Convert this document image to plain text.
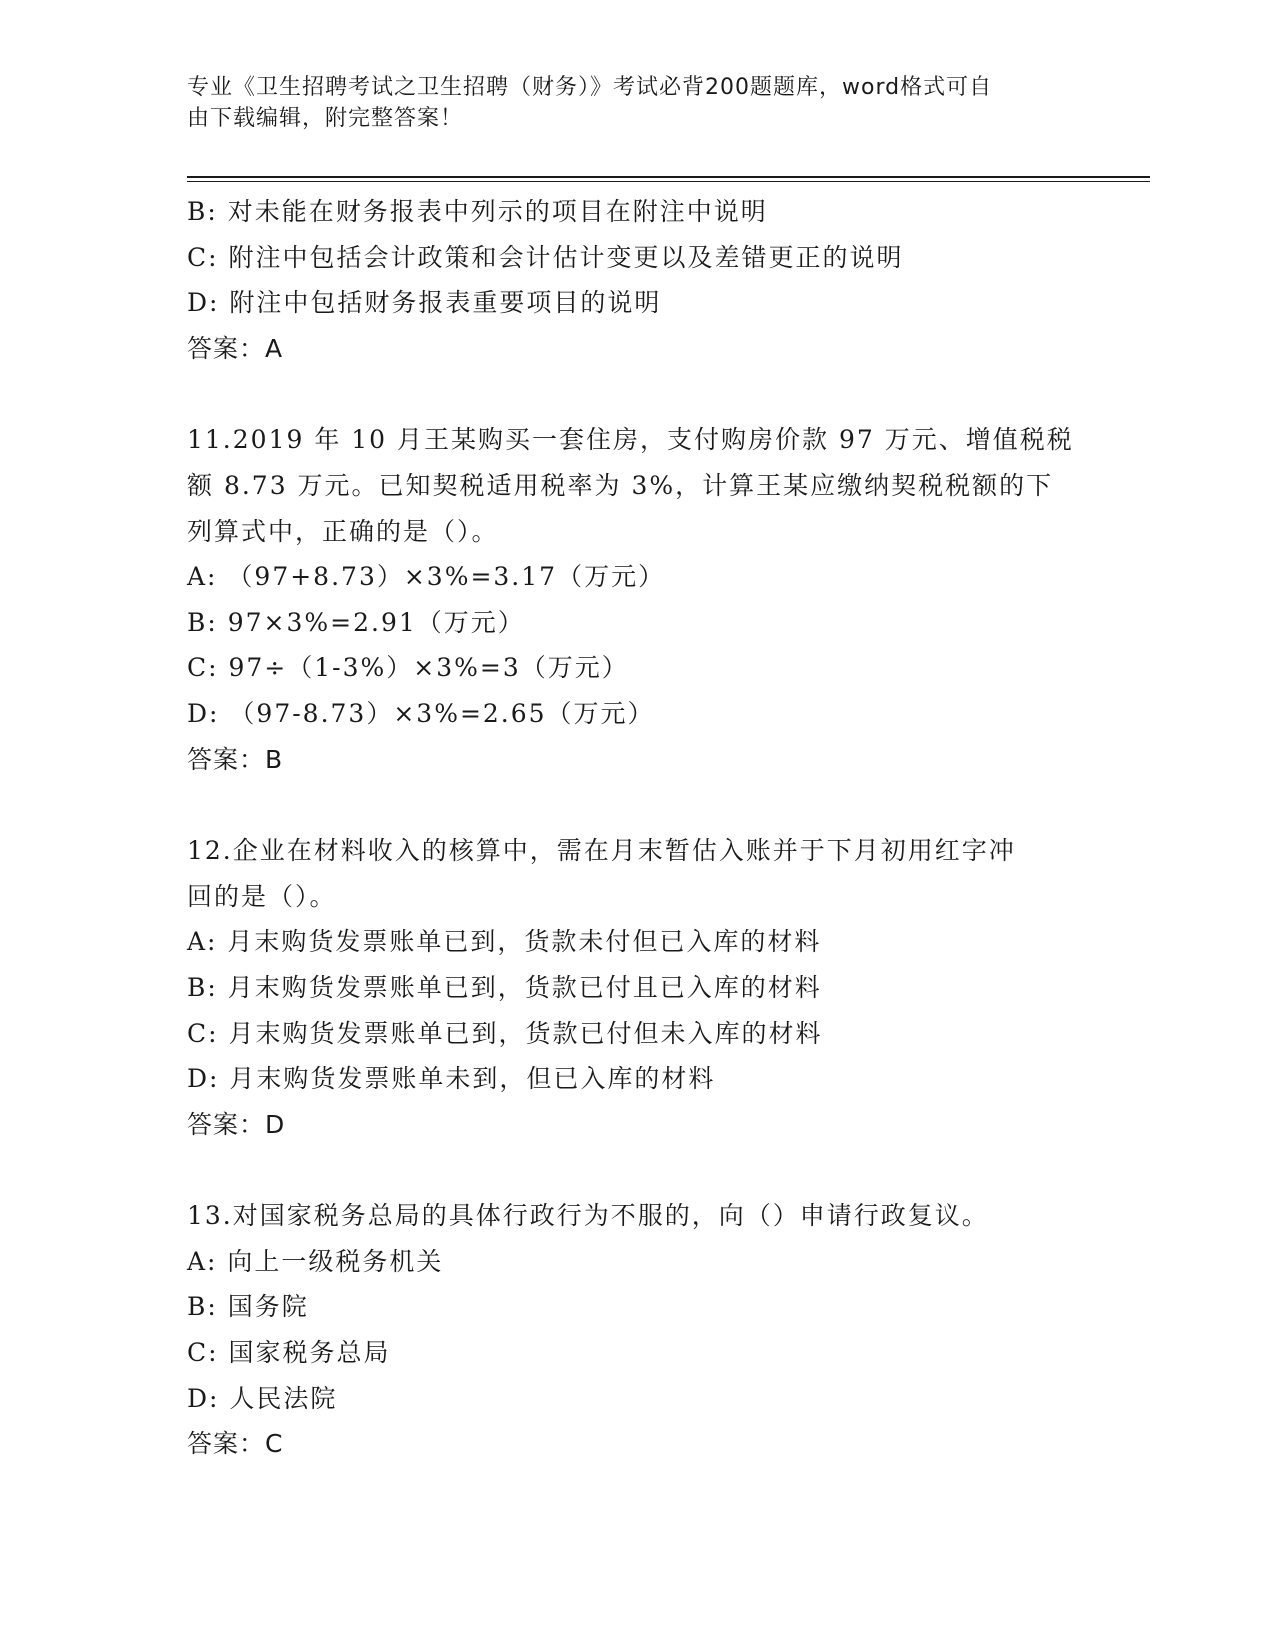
专业《卫生招聘考试之卫生招聘（财务）》考试必背200题题库，word格式可自
由下载编辑，附完整答案！
B: 对未能在财务报表中列示的项目在附注中说明
C: 附注中包括会计政策和会计估计变更以及差错更正的说明
D: 附注中包括财务报表重要项目的说明
答案：A
11.2019 年 10 月王某购买一套住房，支付购房价款 97 万元、增值税税
额 8.73 万元。已知契税适用税率为 3%，计算王某应缴纳契税税额的下
列算式中，正确的是（）。
A: （97+8.73）×3%=3.17（万元）
B: 97×3%=2.91（万元）
C: 97÷（1-3%）×3%=3（万元）
D: （97-8.73）×3%=2.65（万元）
答案：B
12.企业在材料收入的核算中，需在月末暂估入账并于下月初用红字冲
回的是（）。
A: 月末购货发票账单已到，货款未付但已入库的材料
B: 月末购货发票账单已到，货款已付且已入库的材料
C: 月末购货发票账单已到，货款已付但未入库的材料
D: 月末购货发票账单未到，但已入库的材料
答案：D
13.对国家税务总局的具体行政行为不服的，向（）申请行政复议。
A: 向上一级税务机关
B: 国务院
C: 国家税务总局
D: 人民法院
答案：C
